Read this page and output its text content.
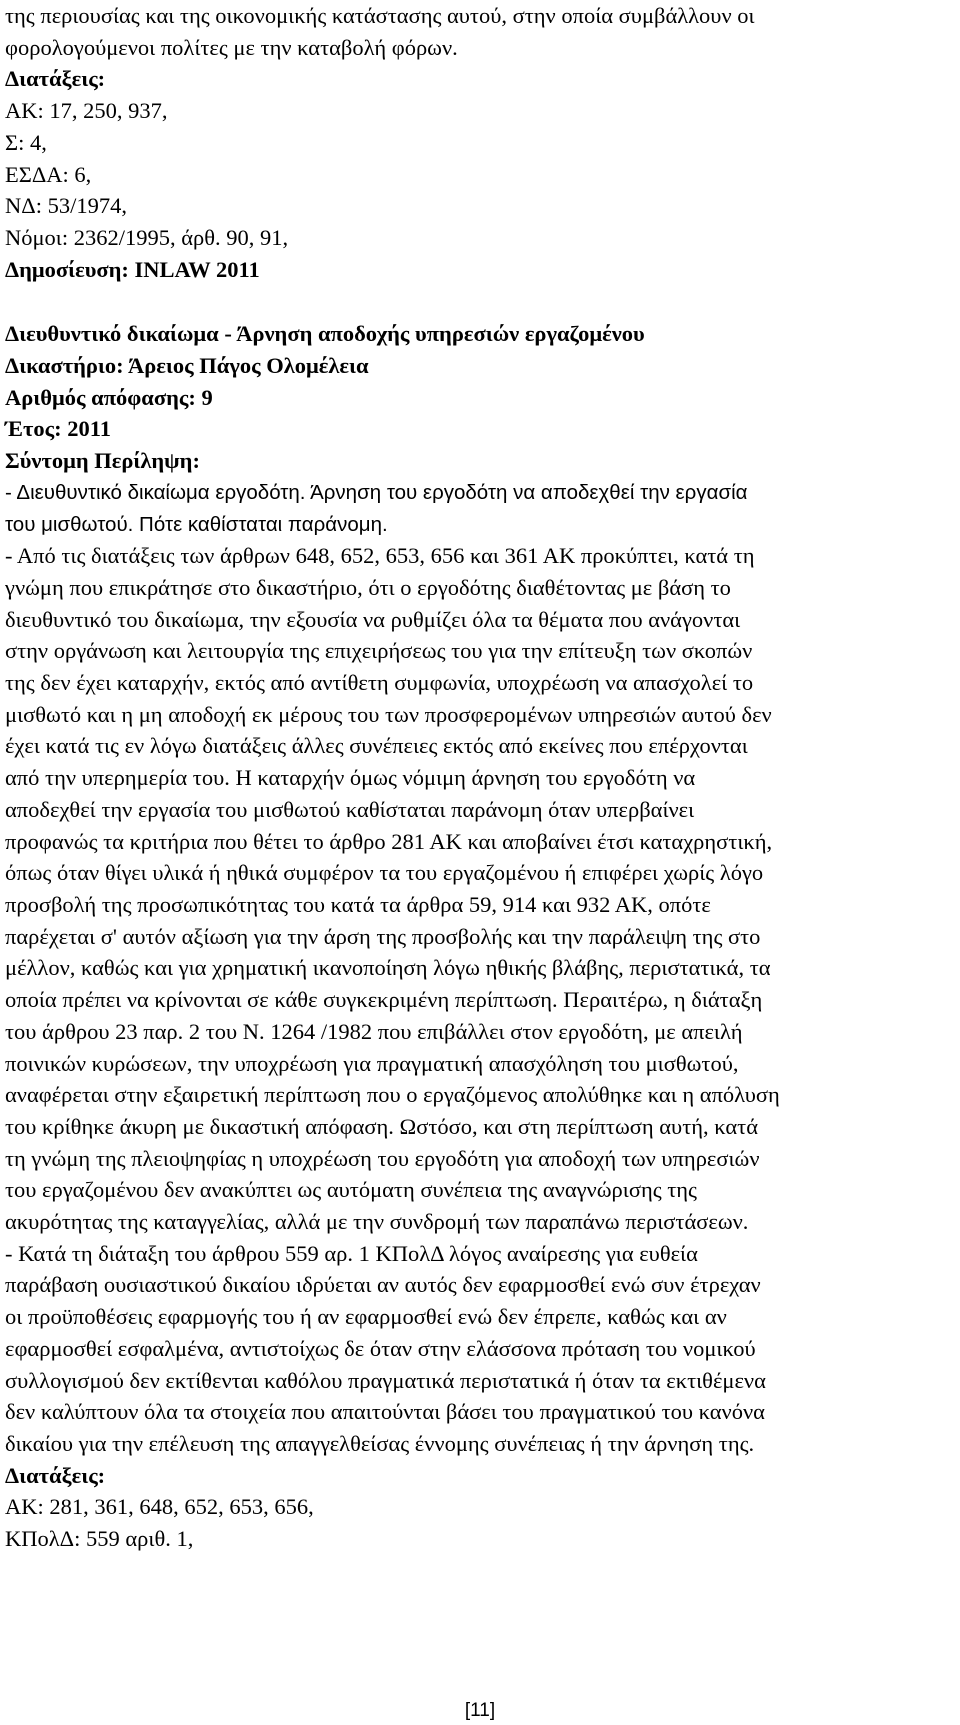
της περιουσίας και της οικονομικής κατάστασης αυτού, στην οποία συμβάλλουν οι
φορολογούμενοι πολίτες με την καταβολή φόρων.
Διατάξεις:
ΑΚ: 17, 250, 937,
Σ: 4,
ΕΣΔΑ: 6,
ΝΔ: 53/1974,
Νόμοι: 2362/1995, άρθ. 90, 91,
Δημοσίευση: INLAW 2011
Διευθυντικό δικαίωμα - Άρνηση αποδοχής υπηρεσιών εργαζομένου
Δικαστήριο: Άρειος Πάγος Ολομέλεια
Αριθμός απόφασης: 9
Έτος: 2011
Σύντομη Περίληψη:
- Διευθυντικό δικαίωμα εργοδότη. Άρνηση του εργοδότη να αποδεχθεί την εργασία
του μισθωτού. Πότε καθίσταται παράνομη.
- Από τις διατάξεις των άρθρων 648, 652, 653, 656 και 361 ΑΚ προκύπτει, κατά τη
γνώμη που επικράτησε στο δικαστήριο, ότι ο εργοδότης διαθέτοντας με βάση το
διευθυντικό του δικαίωμα, την εξουσία να ρυθμίζει όλα τα θέματα που ανάγονται
στην οργάνωση και λειτουργία της επιχειρήσεως του για την επίτευξη των σκοπών
της δεν έχει καταρχήν, εκτός από αντίθετη συμφωνία, υποχρέωση να απασχολεί το
μισθωτό και η μη αποδοχή εκ μέρους του των προσφερομένων υπηρεσιών αυτού δεν
έχει κατά τις εν λόγω διατάξεις άλλες συνέπειες εκτός από εκείνες που επέρχονται
από την υπερημερία του. Η καταρχήν όμως νόμιμη άρνηση του εργοδότη να
αποδεχθεί την εργασία του μισθωτού καθίσταται παράνομη όταν υπερβαίνει
προφανώς τα κριτήρια που θέτει το άρθρο 281 ΑΚ και αποβαίνει έτσι καταχρηστική,
όπως όταν θίγει υλικά ή ηθικά συμφέρον τα του εργαζομένου ή επιφέρει χωρίς λόγο
προσβολή της προσωπικότητας του κατά τα άρθρα 59, 914 και 932 ΑΚ, οπότε
παρέχεται σ' αυτόν αξίωση για την άρση της προσβολής και την παράλειψη της στο
μέλλον, καθώς και για χρηματική ικανοποίηση λόγω ηθικής βλάβης, περιστατικά, τα
οποία πρέπει να κρίνονται σε κάθε συγκεκριμένη περίπτωση. Περαιτέρω, η διάταξη
του άρθρου 23 παρ. 2 του Ν. 1264 /1982 που επιβάλλει στον εργοδότη, με απειλή
ποινικών κυρώσεων, την υποχρέωση για πραγματική απασχόληση του μισθωτού,
αναφέρεται στην εξαιρετική περίπτωση που ο εργαζόμενος απολύθηκε και η απόλυση
του κρίθηκε άκυρη με δικαστική απόφαση. Ωστόσο, και στη περίπτωση αυτή, κατά
τη γνώμη της πλειοψηφίας η υποχρέωση του εργοδότη για αποδοχή των υπηρεσιών
του εργαζομένου δεν ανακύπτει ως αυτόματη συνέπεια της αναγνώρισης της
ακυρότητας της καταγγελίας, αλλά με την συνδρομή των παραπάνω περιστάσεων.
- Κατά τη διάταξη του άρθρου 559 αρ. 1 ΚΠολΔ λόγος αναίρεσης για ευθεία
παράβαση ουσιαστικού δικαίου ιδρύεται αν αυτός δεν εφαρμοσθεί ενώ συν έτρεχαν
οι προϋποθέσεις εφαρμογής του ή αν εφαρμοσθεί ενώ δεν έπρεπε, καθώς και αν
εφαρμοσθεί εσφαλμένα, αντιστοίχως δε όταν στην ελάσσονα πρόταση του νομικού
συλλογισμού δεν εκτίθενται καθόλου πραγματικά περιστατικά ή όταν τα εκτιθέμενα
δεν καλύπτουν όλα τα στοιχεία που απαιτούνται βάσει του πραγματικού του κανόνα
δικαίου για την επέλευση της απαγγελθείσας έννομης συνέπειας ή την άρνηση της.
Διατάξεις:
ΑΚ: 281, 361, 648, 652, 653, 656,
ΚΠολΔ: 559 αριθ. 1,
[11]
